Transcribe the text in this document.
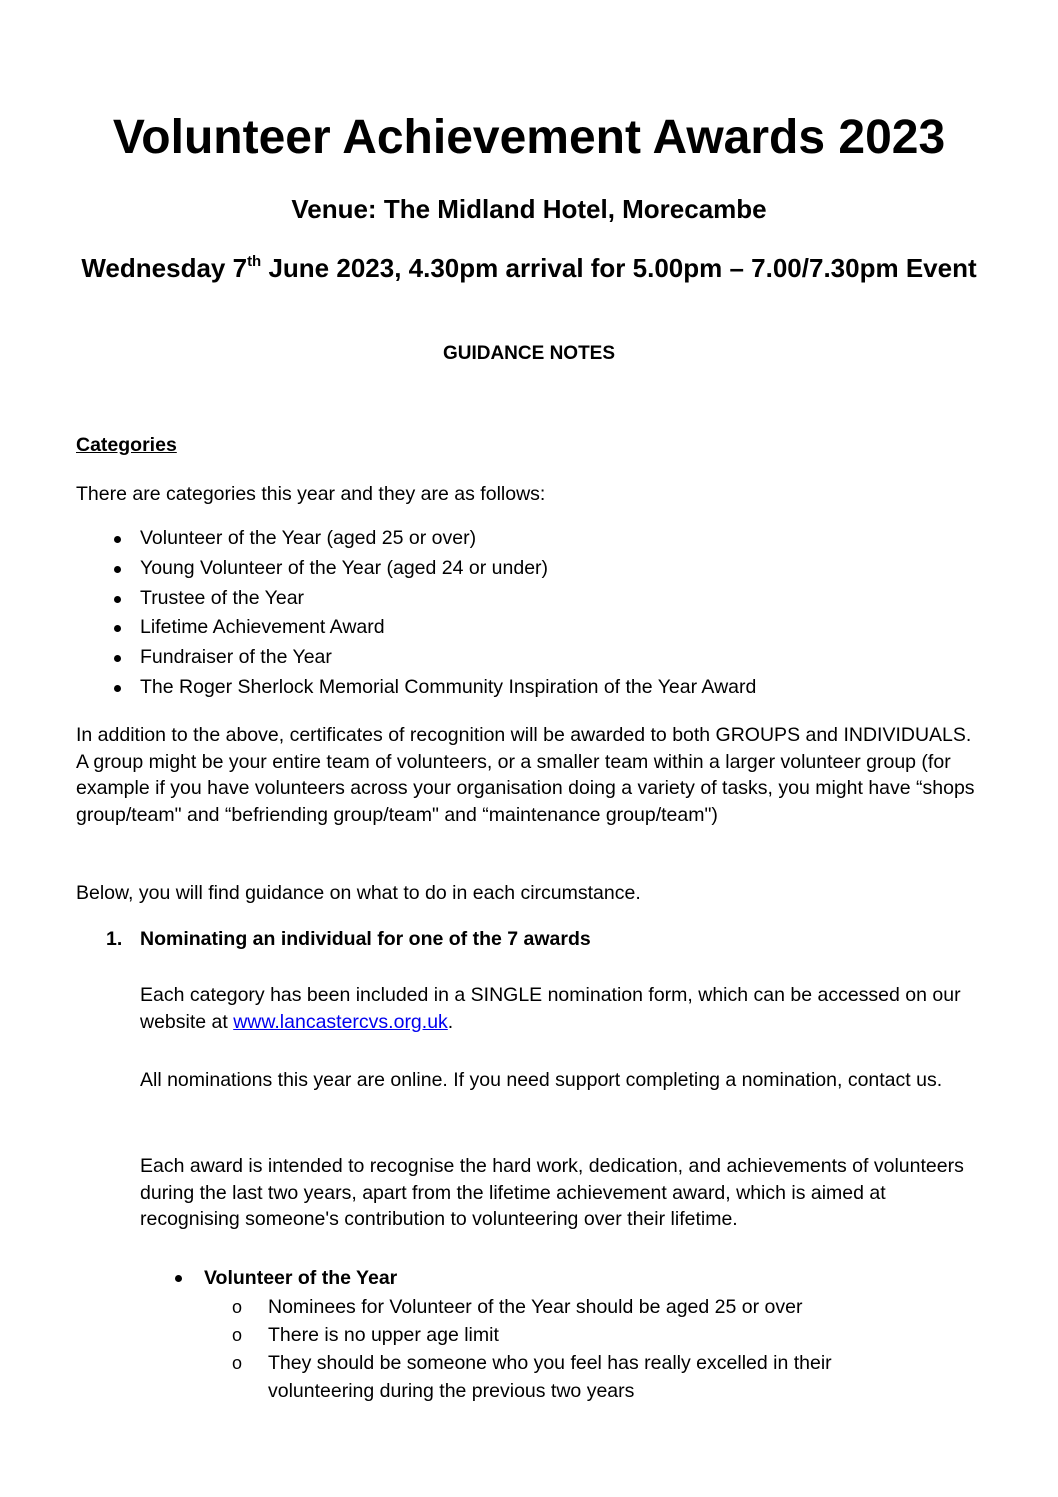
Volunteer Achievement Awards 2023
Venue: The Midland Hotel, Morecambe
Wednesday 7th June 2023, 4.30pm arrival for 5.00pm – 7.00/7.30pm Event
GUIDANCE NOTES
Categories
There are categories this year and they are as follows:
Volunteer of the Year (aged 25 or over)
Young Volunteer of the Year (aged 24 or under)
Trustee of the Year
Lifetime Achievement Award
Fundraiser of the Year
The Roger Sherlock Memorial Community Inspiration of the Year Award
In addition to the above, certificates of recognition will be awarded to both GROUPS and INDIVIDUALS. A group might be your entire team of volunteers, or a smaller team within a larger volunteer group (for example if you have volunteers across your organisation doing a variety of tasks, you might have “shops group/team" and “befriending group/team" and “maintenance group/team")
Below, you will find guidance on what to do in each circumstance.
1. Nominating an individual for one of the 7 awards
Each category has been included in a SINGLE nomination form, which can be accessed on our website at www.lancastercvs.org.uk.
All nominations this year are online. If you need support completing a nomination, contact us.
Each award is intended to recognise the hard work, dedication, and achievements of volunteers during the last two years, apart from the lifetime achievement award, which is aimed at recognising someone's contribution to volunteering over their lifetime.
Volunteer of the Year
o Nominees for Volunteer of the Year should be aged 25 or over
o There is no upper age limit
o They should be someone who you feel has really excelled in their volunteering during the previous two years
